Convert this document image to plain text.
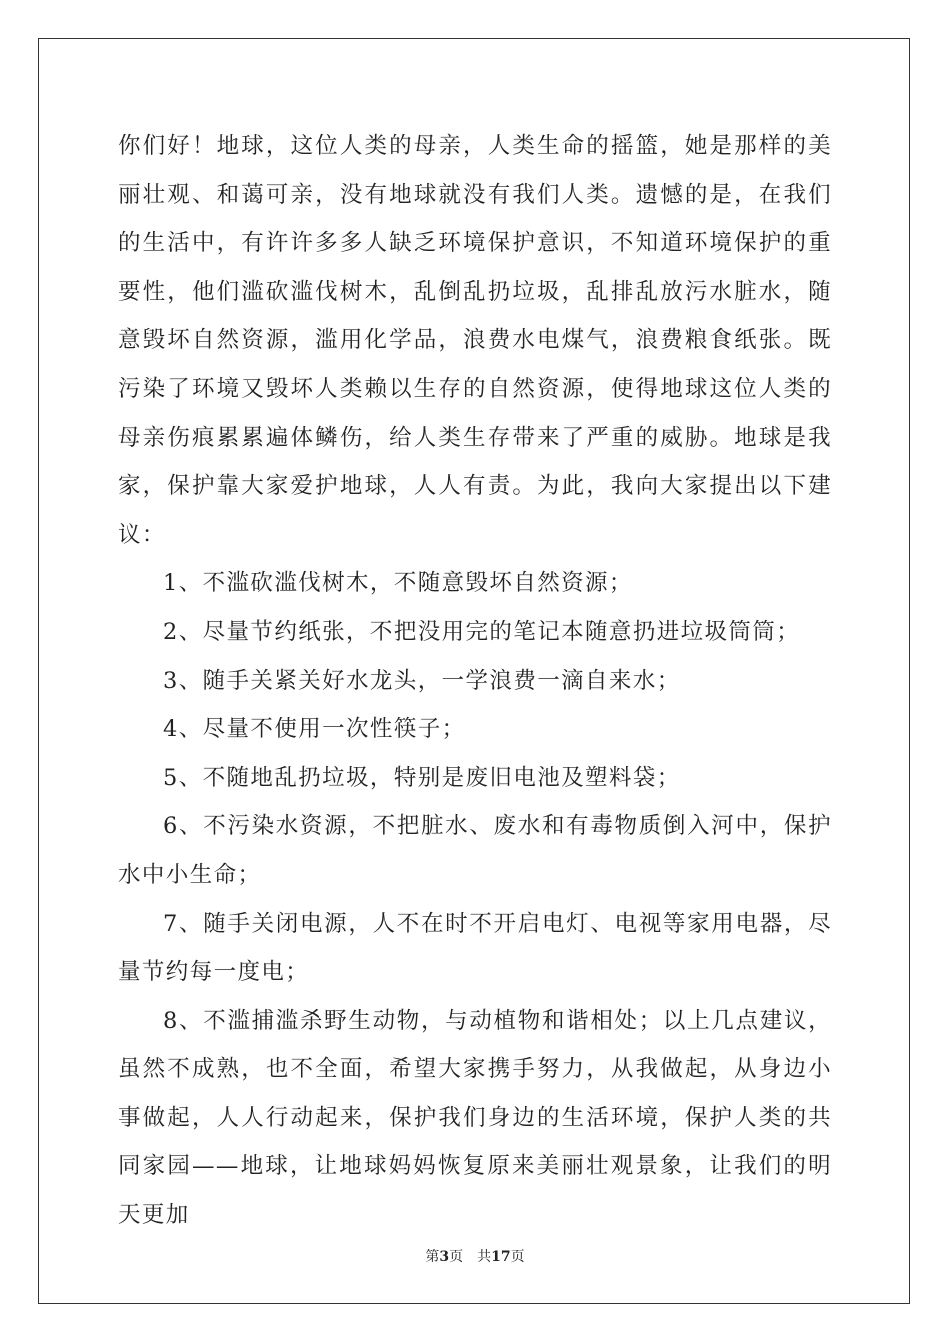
你们好！地球，这位人类的母亲，人类生命的摇篮，她是那样的美丽壮观、和蔼可亲，没有地球就没有我们人类。遗憾的是，在我们的生活中，有许许多多人缺乏环境保护意识，不知道环境保护的重要性，他们滥砍滥伐树木，乱倒乱扔垃圾，乱排乱放污水脏水，随意毁坏自然资源，滥用化学品，浪费水电煤气，浪费粮食纸张。既污染了环境又毁坏人类赖以生存的自然资源，使得地球这位人类的母亲伤痕累累遍体鳞伤，给人类生存带来了严重的威胁。地球是我家，保护靠大家爱护地球，人人有责。为此，我向大家提出以下建议：

1、不滥砍滥伐树木，不随意毁坏自然资源；

2、尽量节约纸张，不把没用完的笔记本随意扔进垃圾筒筒；

3、随手关紧关好水龙头，一学浪费一滴自来水；

4、尽量不使用一次性筷子；

5、不随地乱扔垃圾，特别是废旧电池及塑料袋；

6、不污染水资源，不把脏水、废水和有毒物质倒入河中，保护水中小生命；

7、随手关闭电源，人不在时不开启电灯、电视等家用电器，尽量节约每一度电；

8、不滥捕滥杀野生动物，与动植物和谐相处；以上几点建议，虽然不成熟，也不全面，希望大家携手努力，从我做起，从身边小事做起，人人行动起来，保护我们身边的生活环境，保护人类的共同家园——地球，让地球妈妈恢复原来美丽壮观景象，让我们的明天更加

第3页 共17页
